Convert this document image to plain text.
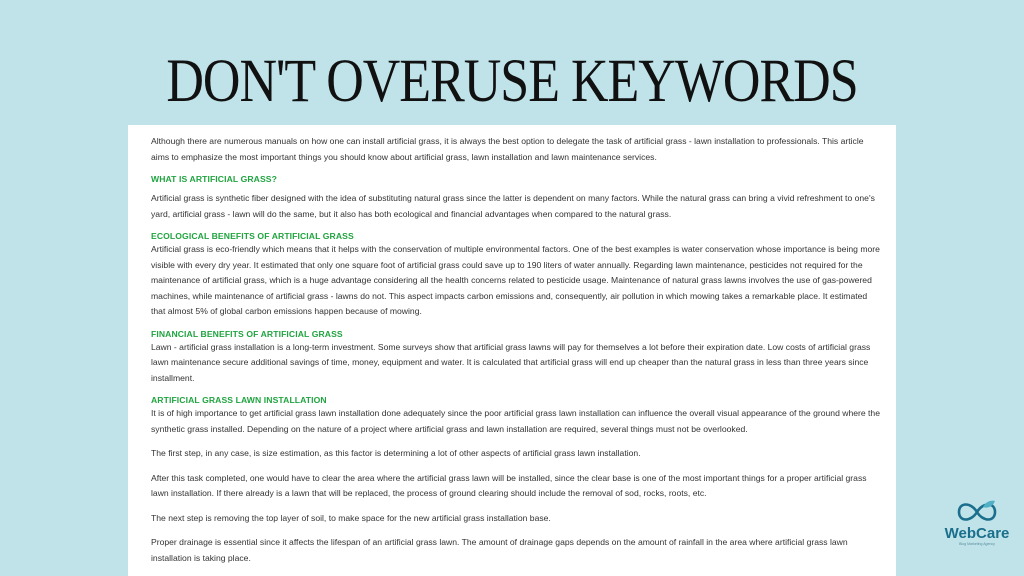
DON'T OVERUSE KEYWORDS

Although there are numerous manuals on how one can install artificial grass, it is always the best option to delegate the task of artificial grass - lawn installation to professionals. This article aims to emphasize the most important things you should know about artificial grass, lawn installation and lawn maintenance services.

WHAT IS ARTIFICIAL GRASS?

Artificial grass is synthetic fiber designed with the idea of substituting natural grass since the latter is dependent on many factors. While the natural grass can bring a vivid refreshment to one's yard, artificial grass - lawn will do the same, but it also has both ecological and financial advantages when compared to the natural grass.

ECOLOGICAL BENEFITS OF ARTIFICIAL GRASS

Artificial grass is eco-friendly which means that it helps with the conservation of multiple environmental factors. One of the best examples is water conservation whose importance is being more visible with every dry year. It estimated that only one square foot of artificial grass could save up to 190 liters of water annually. Regarding lawn maintenance, pesticides not required for the maintenance of artificial grass, which is a huge advantage considering all the health concerns related to pesticide usage. Maintenance of natural grass lawns involves the use of gas-powered machines, while maintenance of artificial grass - lawns do not. This aspect impacts carbon emissions and, consequently, air pollution in which mowing takes a remarkable place. It estimated that almost 5% of global carbon emissions happen because of mowing.

FINANCIAL BENEFITS OF ARTIFICIAL GRASS

Lawn - artificial grass installation is a long-term investment. Some surveys show that artificial grass lawns will pay for themselves a lot before their expiration date. Low costs of artificial grass lawn maintenance secure additional savings of time, money, equipment and water. It is calculated that artificial grass will end up cheaper than the natural grass in less than three years since installment.

ARTIFICIAL GRASS LAWN INSTALLATION

It is of high importance to get artificial grass lawn installation done adequately since the poor artificial grass lawn installation can influence the overall visual appearance of the ground where the synthetic grass installed. Depending on the nature of a project where artificial grass and lawn installation are required, several things must not be overlooked.

The first step, in any case, is size estimation, as this factor is determining a lot of other aspects of artificial grass lawn installation.

After this task completed, one would have to clear the area where the artificial grass lawn will be installed, since the clear base is one of the most important things for a proper artificial grass lawn installation. If there already is a lawn that will be replaced, the process of ground clearing should include the removal of sod, rocks, roots, etc.

The next step is removing the top layer of soil, to make space for the new artificial grass installation base.

Proper drainage is essential since it affects the lifespan of an artificial grass lawn. The amount of drainage gaps depends on the amount of rainfall in the area where artificial grass lawn installation is taking place.

WebCare
Blog Marketing Agency
